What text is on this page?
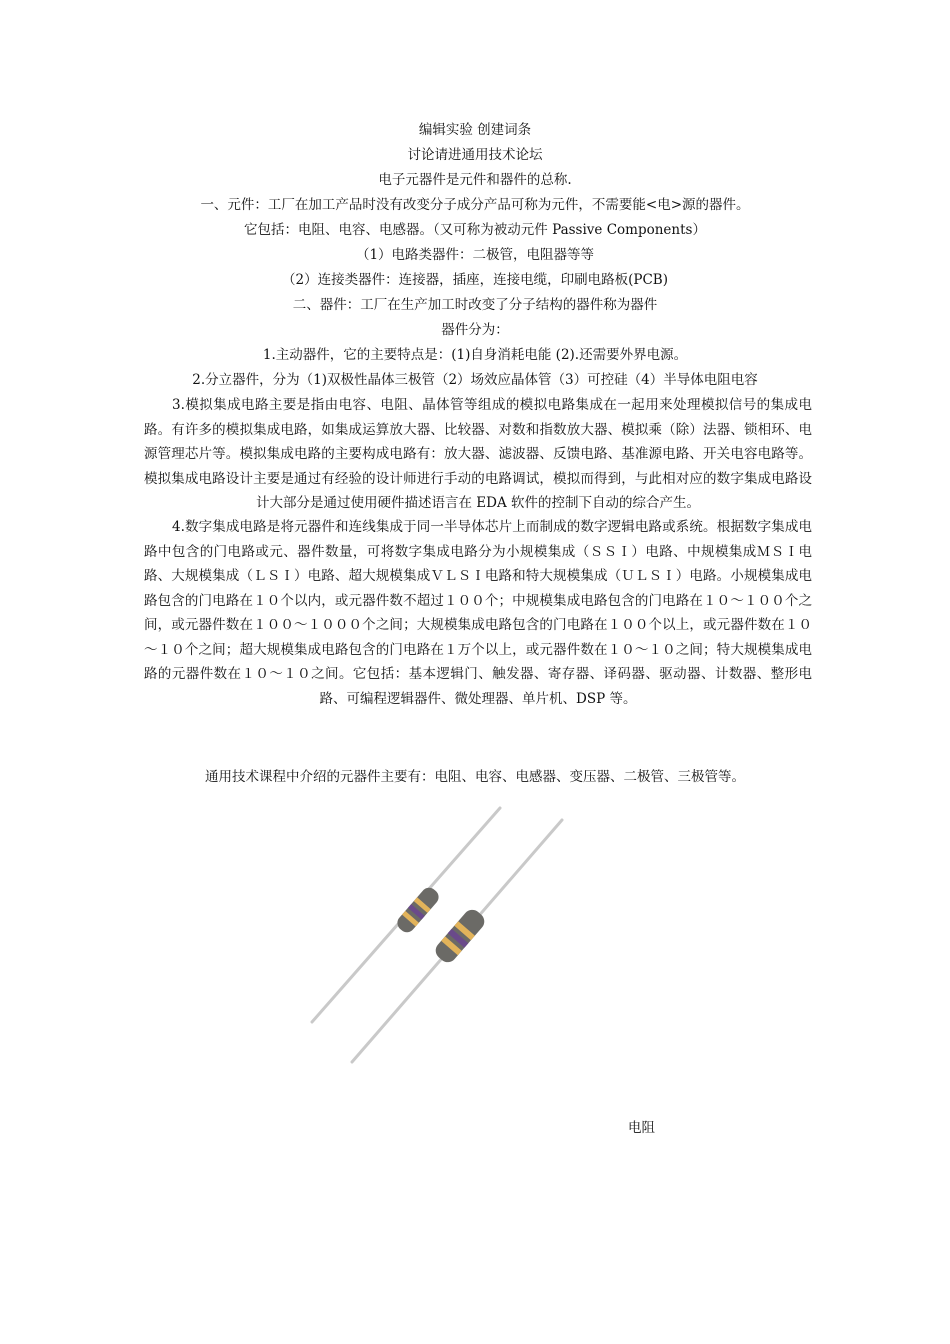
编辑实验 创建词条
讨论请进通用技术论坛
电子元器件是元件和器件的总称.
一、元件：工厂在加工产品时没有改变分子成分产品可称为元件，不需要能<电>源的器件。
它包括：电阻、电容、电感器。（又可称为被动元件 Passive Components）
（1）电路类器件：二极管，电阻器等等
（2）连接类器件：连接器，插座，连接电缆，印刷电路板(PCB)
二、器件：工厂在生产加工时改变了分子结构的器件称为器件
器件分为：
1.主动器件，它的主要特点是：(1)自身消耗电能 (2).还需要外界电源。
2.分立器件，分为（1)双极性晶体三极管（2）场效应晶体管（3）可控硅（4）半导体电阻电容
3.模拟集成电路主要是指由电容、电阻、晶体管等组成的模拟电路集成在一起用来处理模拟信号的集成电路。有许多的模拟集成电路，如集成运算放大器、比较器、对数和指数放大器、模拟乘（除）法器、锁相环、电源管理芯片等。模拟集成电路的主要构成电路有：放大器、滤波器、反馈电路、基准源电路、开关电容电路等。模拟集成电路设计主要是通过有经验的设计师进行手动的电路调试，模拟而得到，与此相对应的数字集成电路设计大部分是通过使用硬件描述语言在 EDA 软件的控制下自动的综合产生。
4.数字集成电路是将元器件和连线集成于同一半导体芯片上而制成的数字逻辑电路或系统。根据数字集成电路中包含的门电路或元、器件数量，可将数字集成电路分为小规模集成（ＳＳＩ）电路、中规模集成ＭＳＩ电路、大规模集成（ＬＳＩ）电路、超大规模集成ＶＬＳＩ电路和特大规模集成（ＵＬＳＩ）电路。小规模集成电路包含的门电路在１０个以内，或元器件数不超过１００个；中规模集成电路包含的门电路在１０～１００个之间，或元器件数在１００～１０００个之间；大规模集成电路包含的门电路在１００个以上，或元器件数在１０～１０个之间；超大规模集成电路包含的门电路在１万个以上，或元器件数在１０～１０之间；特大规模集成电路的元器件数在１０～１０之间。它包括：基本逻辑门、触发器、寄存器、译码器、驱动器、计数器、整形电路、可编程逻辑器件、微处理器、单片机、DSP 等。
通用技术课程中介绍的元器件主要有：电阻、电容、电感器、变压器、二极管、三极管等。
电阻
